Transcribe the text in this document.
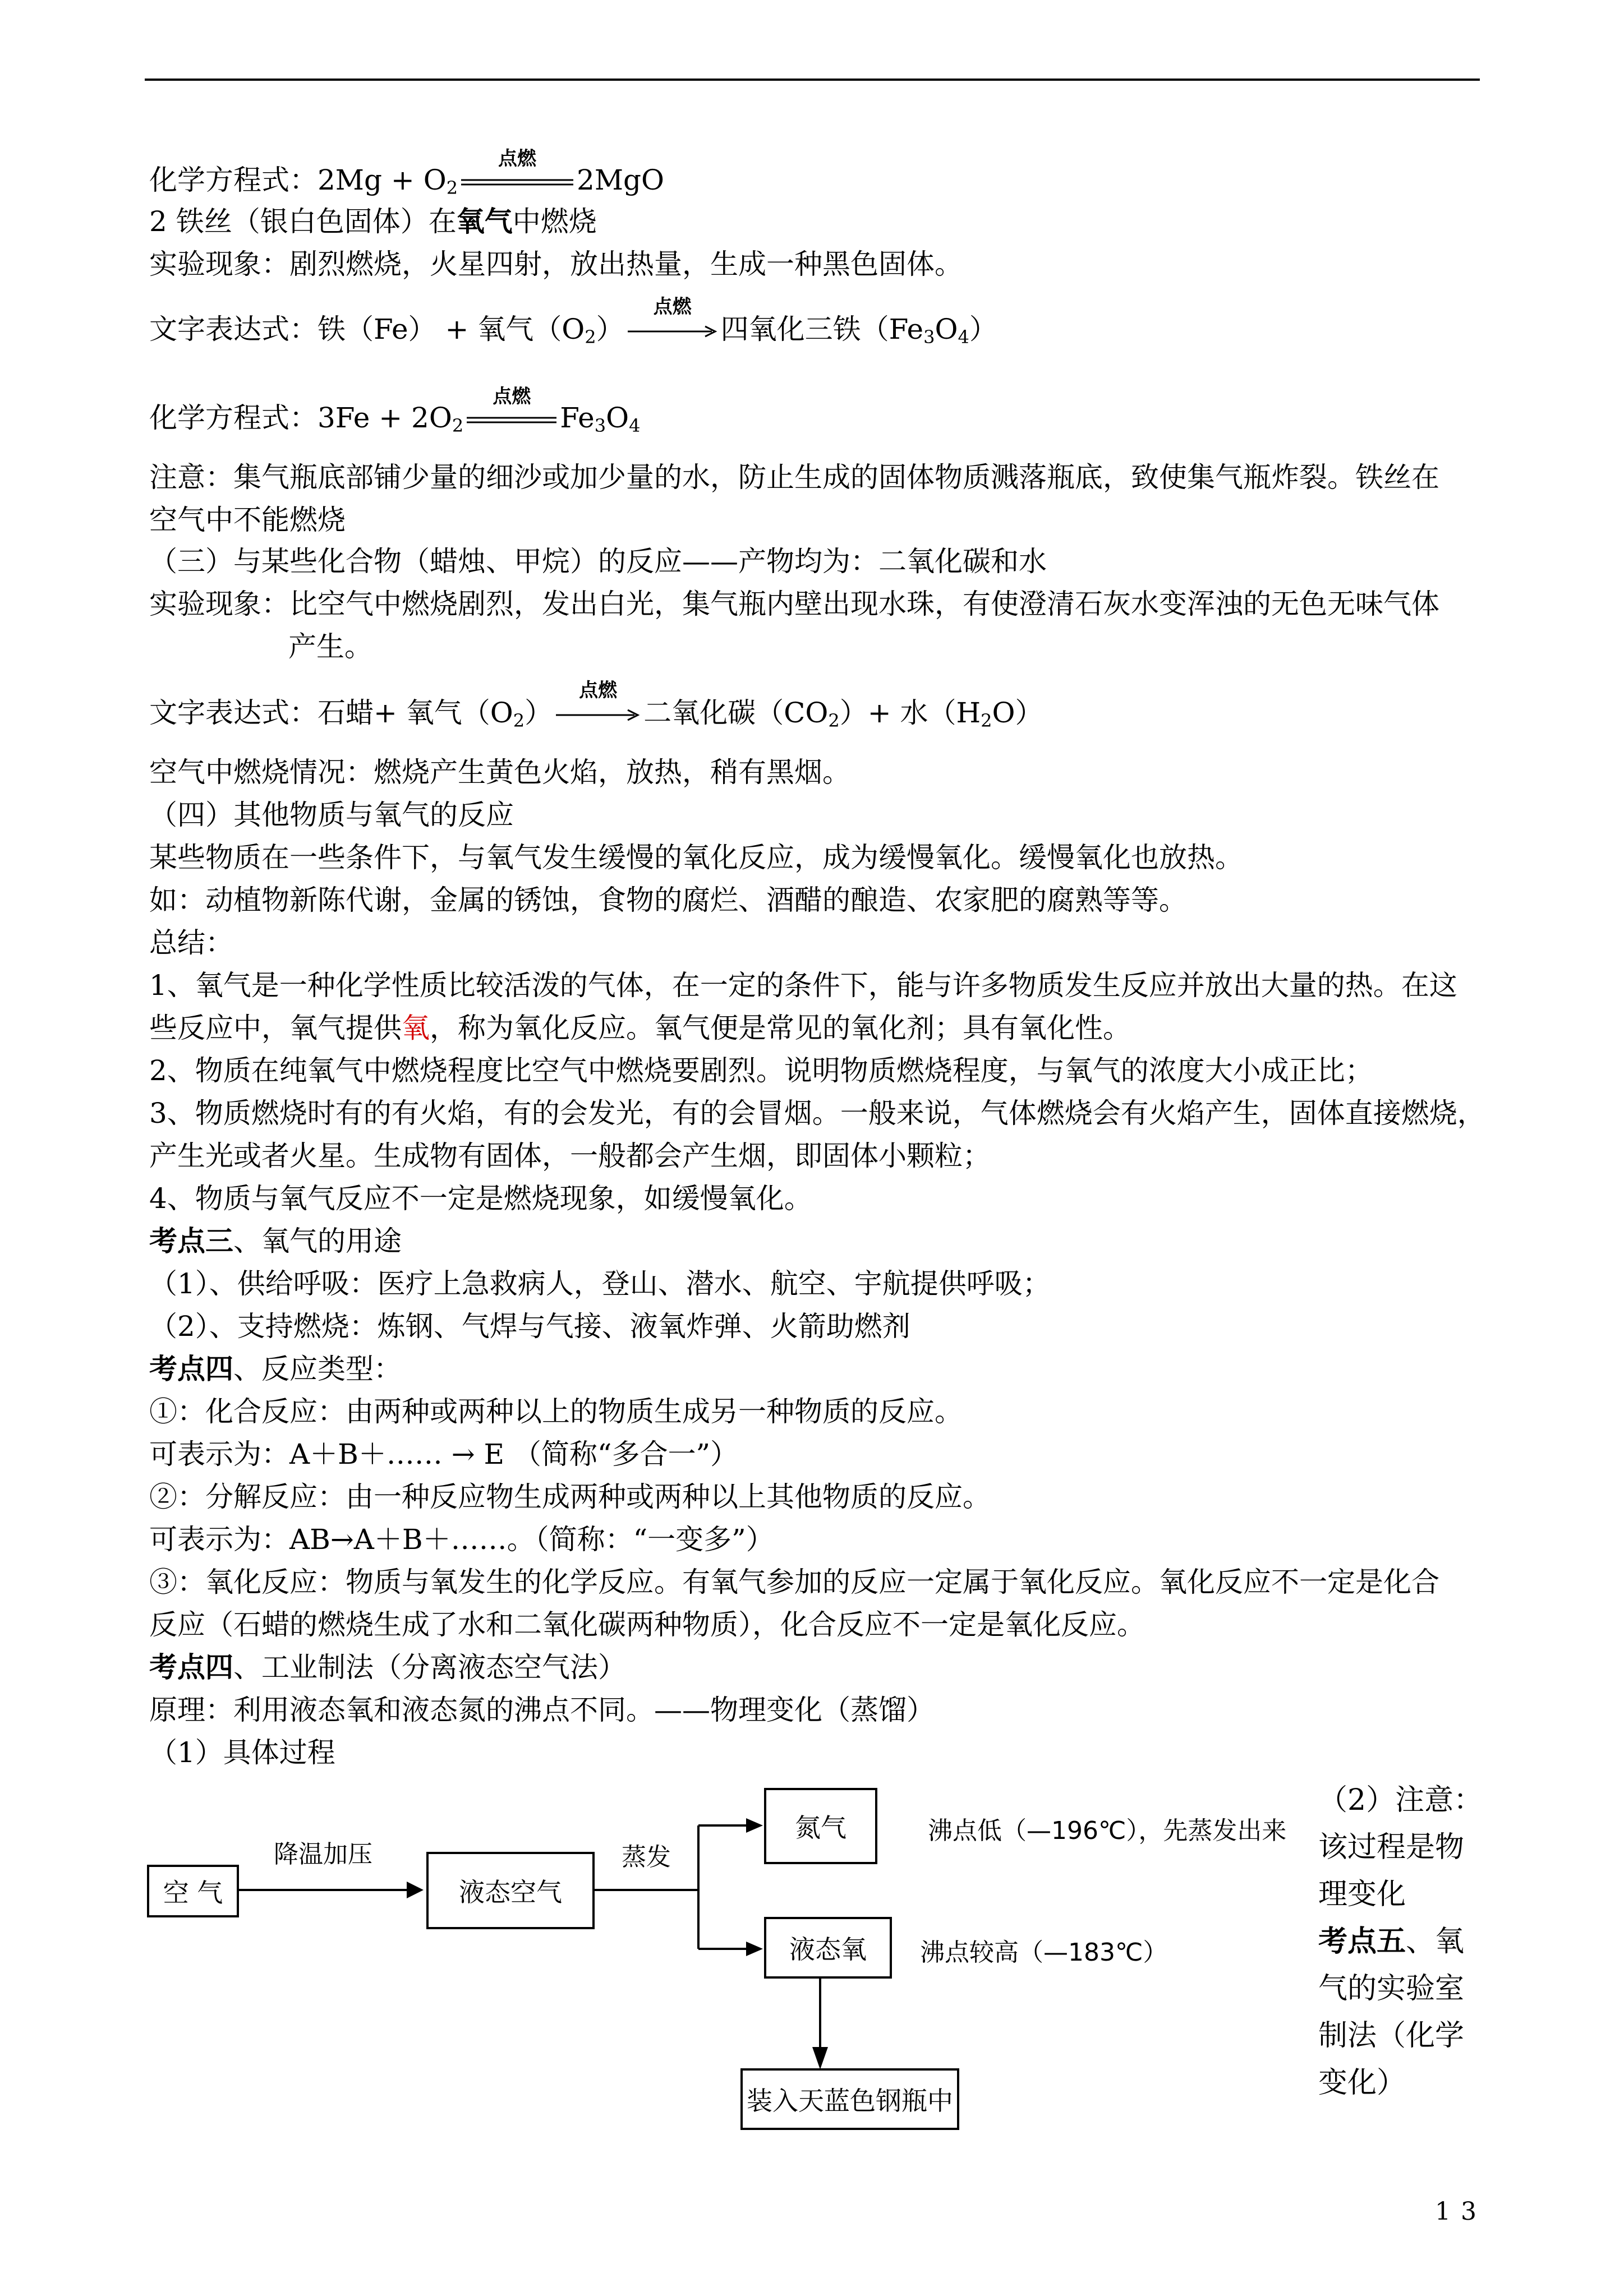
化学方程式：$2Mg + O_2$
点燃
2MgO
2 铁丝（银白色固体）在氧气中燃烧
实验现象：剧烈燃烧，火星四射，放出热量，生成一种黑色固体。
文字表达式：铁（Fe） + 氧气$(O_2)$
点燃
四氧化三铁$(Fe_3O_4)$
化学方程式：$3Fe + 2O_2$
点燃
$Fe_3O_4$
注意：集气瓶底部铺少量的细沙或加少量的水，防止生成的固体物质溅落瓶底，致使集气瓶炸裂。铁丝在
空气中不能燃烧
（三）与某些化合物（蜡烛、甲烷）的反应——产物均为：二氧化碳和水
实验现象：比空气中燃烧剧烈，发出白光，集气瓶内壁出现水珠，有使澄清石灰水变浑浊的无色无味气体
产生。
文字表达式：石蜡+ 氧气$(O_2)$
点燃
二氧化碳$(CO_2)+$ 水$(H_2O)$
空气中燃烧情况：燃烧产生黄色火焰，放热，稍有黑烟。
（四）其他物质与氧气的反应
某些物质在一些条件下，与氧气发生缓慢的氧化反应，成为缓慢氧化。缓慢氧化也放热。
如：动植物新陈代谢，金属的锈蚀，食物的腐烂、酒醋的酿造、农家肥的腐熟等等。
总结：
1、氧气是一种化学性质比较活泼的气体，在一定的条件下，能与许多物质发生反应并放出大量的热。在这
些反应中，氧气提供氧，称为氧化反应。氧气便是常见的氧化剂；具有氧化性。
2、物质在纯氧气中燃烧程度比空气中燃烧要剧烈。说明物质燃烧程度，与氧气的浓度大小成正比；
3、物质燃烧时有的有火焰，有的会发光，有的会冒烟。一般来说，气体燃烧会有火焰产生，固体直接燃烧，
产生光或者火星。生成物有固体，一般都会产生烟，即固体小颗粒；
4、物质与氧气反应不一定是燃烧现象，如缓慢氧化。
考点三、氧气的用途
（1）、供给呼吸：医疗上急救病人，登山、潜水、航空、宇航提供呼吸；
（2）、支持燃烧：炼钢、气焊与气接、液氧炸弹、火箭助燃剂
考点四、反应类型：
①：化合反应：由两种或两种以上的物质生成另一种物质的反应。
可表示为：A＋B＋…… → E （简称“多合一”）
②：分解反应：由一种反应物生成两种或两种以上其他物质的反应。
可表示为：AB→A＋B＋……。（简称：“一变多”）
③：氧化反应：物质与氧发生的化学反应。有氧气参加的反应一定属于氧化反应。氧化反应不一定是化合
反应（石蜡的燃烧生成了水和二氧化碳两种物质），化合反应不一定是氧化反应。
考点四、工业制法（分离液态空气法）
原理：利用液态氧和液态氮的沸点不同。——物理变化（蒸馏）
（1）具体过程
空 气
降温加压
液态空气
蒸发
氮气	沸点低（—196℃），先蒸发出来
液态氧	沸点较高（—183℃）
装入天蓝色钢瓶中
（2）注意：
该过程是物
理变化
考点五、氧
气的实验室
制法（化学
变化）
13
